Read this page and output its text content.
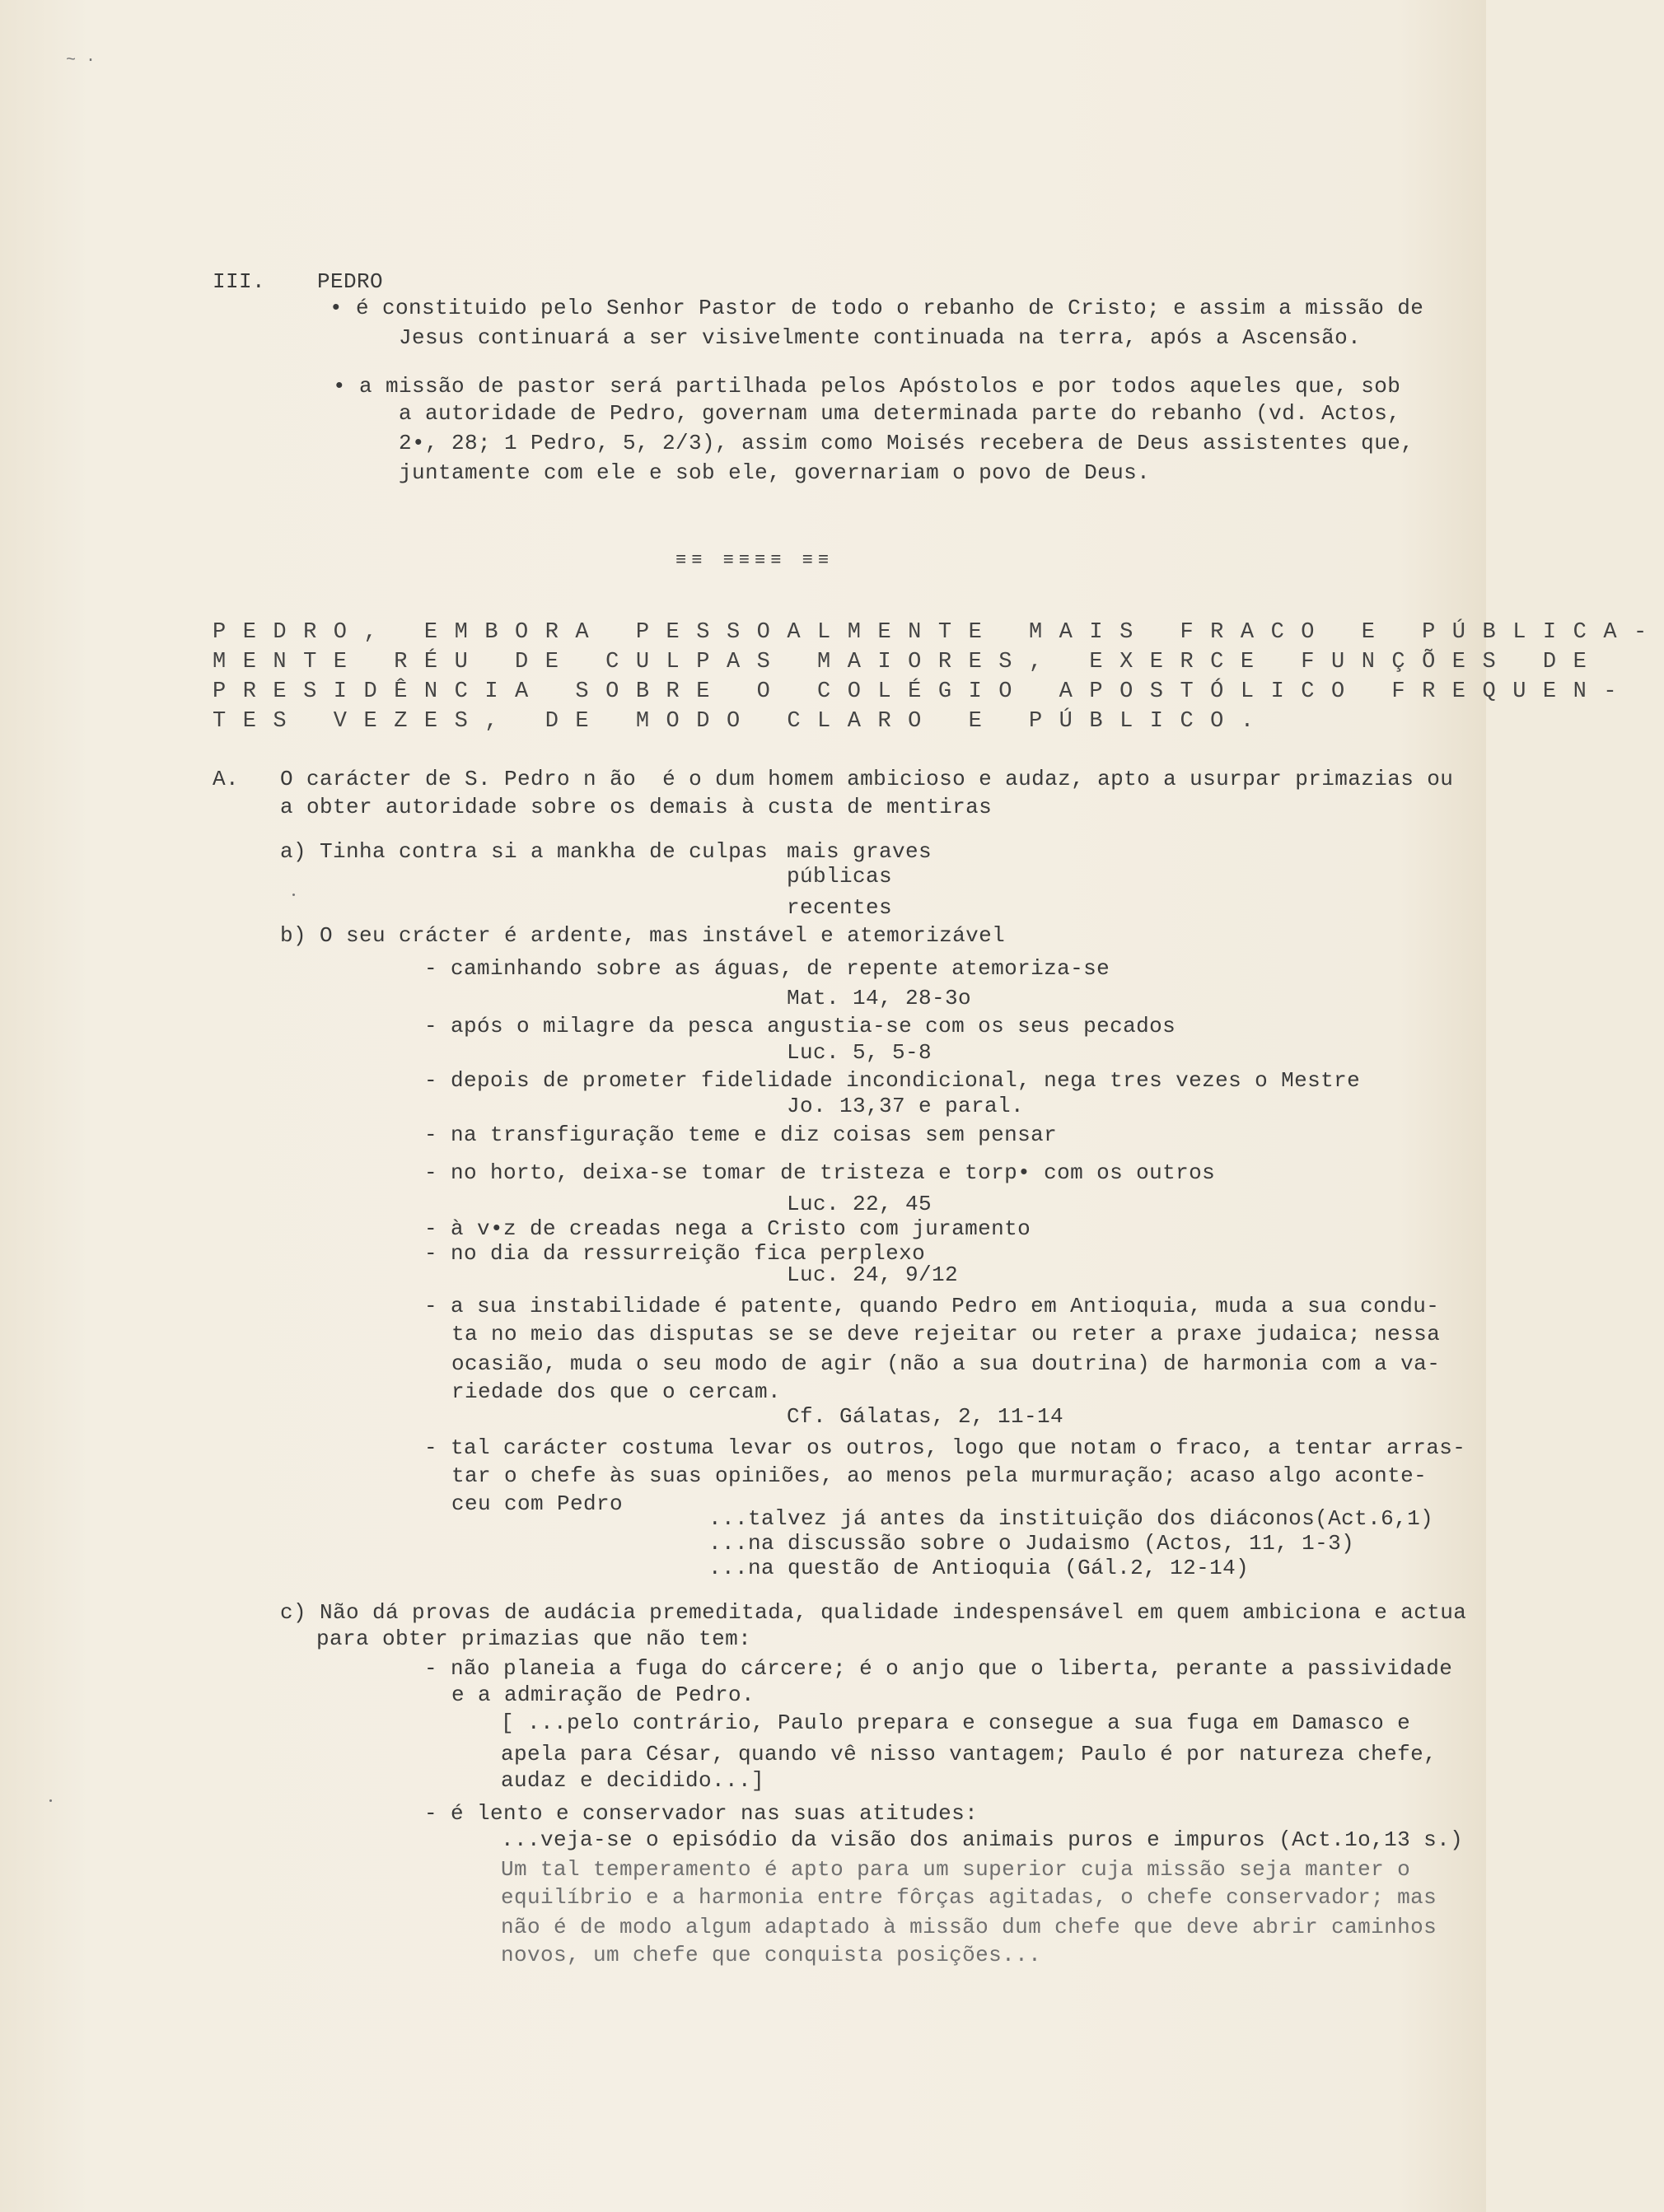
~ ·
III. PEDRO
• é constituido pelo Senhor Pastor de todo o rebanho de Cristo; e assim a missão de
Jesus continuará a ser visivelmente continuada na terra, após a Ascensão.
• a missão de pastor será partilhada pelos Apóstolos e por todos aqueles que, sob
a autoridade de Pedro, governam uma determinada parte do rebanho (vd. Actos,
2•, 28; 1 Pedro, 5, 2/3), assim como Moisés recebera de Deus assistentes que,
juntamente com ele e sob ele, governariam o povo de Deus.
≡≡ ≡≡≡≡ ≡≡
PEDRO, EMBORA PESSOALMENTE MAIS FRACO E PÚBLICA-
MENTE RÉU DE CULPAS MAIORES, EXERCE FUNÇÕES DE
PRESIDÊNCIA SOBRE O COLÉGIO APOSTÓLICO FREQUEN-
TES VEZES, DE MODO CLARO E PÚBLICO.
A. O carácter de S. Pedro n ão  é o dum homem ambicioso e audaz, apto a usurpar primazias ou
a obter autoridade sobre os demais à custa de mentiras
a) Tinha contra si a mankha de culpas mais graves
públicas
recentes
b) O seu crácter é ardente, mas instável e atemorizável
- caminhando sobre as águas, de repente atemoriza-se
Mat. 14, 28-3o
- após o milagre da pesca angustia-se com os seus pecados
Luc. 5, 5-8
- depois de prometer fidelidade incondicional, nega tres vezes o Mestre
Jo. 13,37 e paral.
- na transfiguração teme e diz coisas sem pensar
- no horto, deixa-se tomar de tristeza e torp• com os outros
Luc. 22, 45
- à v•z de creadas nega a Cristo com juramento
- no dia da ressurreição fica perplexo
Luc. 24, 9/12
- a sua instabilidade é patente, quando Pedro em Antioquia, muda a sua condu-
ta no meio das disputas se se deve rejeitar ou reter a praxe judaica; nessa
ocasião, muda o seu modo de agir (não a sua doutrina) de harmonia com a va-
riedade dos que o cercam.
Cf. Gálatas, 2, 11-14
- tal carácter costuma levar os outros, logo que notam o fraco, a tentar arras-
tar o chefe às suas opiniões, ao menos pela murmuração; acaso algo aconte-
ceu com Pedro
...talvez já antes da instituição dos diáconos(Act.6,1)
...na discussão sobre o Judaismo (Actos, 11, 1-3)
...na questão de Antioquia (Gál.2, 12-14)
c) Não dá provas de audácia premeditada, qualidade indespensável em quem ambiciona e actua
para obter primazias que não tem:
- não planeia a fuga do cárcere; é o anjo que o liberta, perante a passividade
e a admiração de Pedro.
[ ...pelo contrário, Paulo prepara e consegue a sua fuga em Damasco e
apela para César, quando vê nisso vantagem; Paulo é por natureza chefe,
audaz e decidido...]
- é lento e conservador nas suas atitudes:
...veja-se o episódio da visão dos animais puros e impuros (Act.1o,13 s.)
Um tal temperamento é apto para um superior cuja missão seja manter o
equilíbrio e a harmonia entre fôrças agitadas, o chefe conservador; mas
não é de modo algum adaptado à missão dum chefe que deve abrir caminhos
novos, um chefe que conquista posições...
